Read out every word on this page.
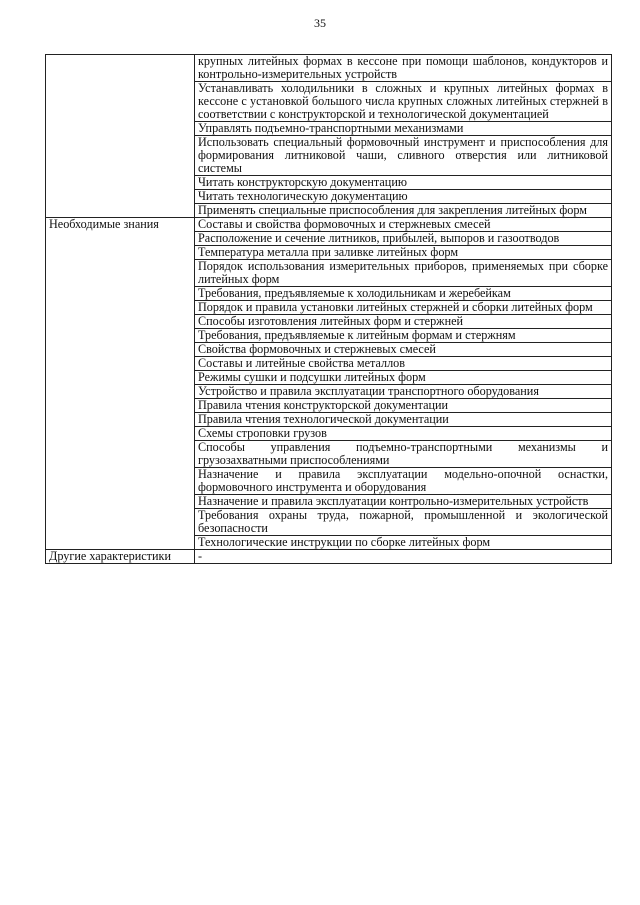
35
	крупных литейных формах в кессоне при помощи шаблонов, кондукторов и контрольно-измерительных устройств
	Устанавливать холодильники в сложных и крупных литейных формах в кессоне с установкой большого числа крупных сложных литейных стержней в соответствии с конструкторской и технологической документацией
	Управлять подъемно-транспортными механизмами
	Использовать специальный формовочный инструмент и приспособления для формирования литниковой чаши, сливного отверстия или литниковой системы
	Читать конструкторскую документацию
	Читать технологическую документацию
	Применять специальные приспособления для закрепления литейных форм
Необходимые знания	Составы и свойства формовочных и стержневых смесей
	Расположение и сечение литников, прибылей, выпоров и газоотводов
	Температура металла при заливке литейных форм
	Порядок использования измерительных приборов, применяемых при сборке литейных форм
	Требования, предъявляемые к холодильникам и жеребейкам
	Порядок и правила установки литейных стержней и сборки литейных форм
	Способы изготовления литейных форм и стержней
	Требования, предъявляемые к литейным формам и стержням
	Свойства формовочных и стержневых смесей
	Составы и литейные свойства металлов
	Режимы сушки и подсушки литейных форм
	Устройство и правила эксплуатации транспортного оборудования
	Правила чтения конструкторской документации
	Правила чтения технологической документации
	Схемы строповки грузов
	Способы управления подъемно-транспортными механизмы и грузозахватными приспособлениями
	Назначение и правила эксплуатации модельно-опочной оснастки, формовочного инструмента и оборудования
	Назначение и правила эксплуатации контрольно-измерительных устройств
	Требования охраны труда, пожарной, промышленной и экологической безопасности
	Технологические инструкции по сборке литейных форм
Другие характеристики	-
